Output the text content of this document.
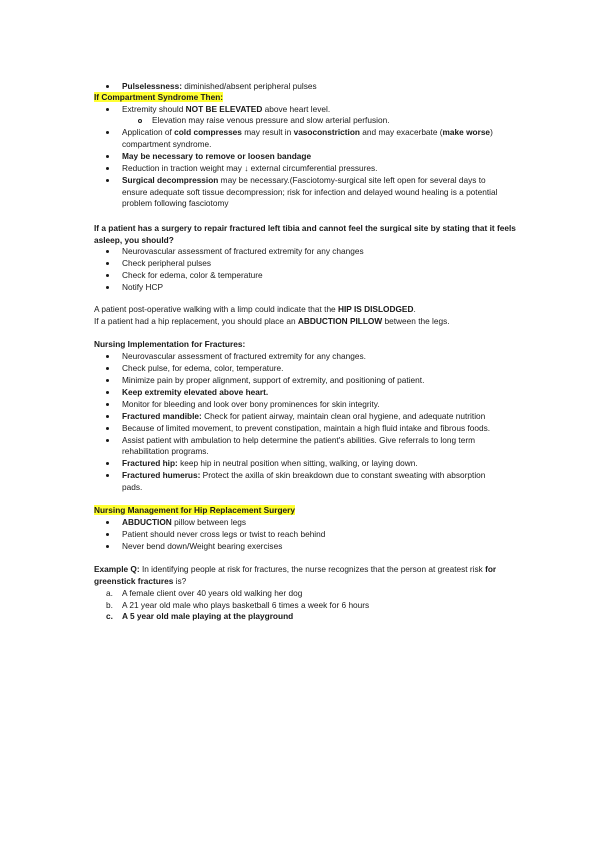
Pulselessness: diminished/absent peripheral pulses
If Compartment Syndrome Then:
Extremity should NOT BE ELEVATED above heart level.
Elevation may raise venous pressure and slow arterial perfusion.
Application of cold compresses may result in vasoconstriction and may exacerbate (make worse)
compartment syndrome.
May be necessary to remove or loosen bandage
Reduction in traction weight may ↓ external circumferential pressures.
Surgical decompression may be necessary.(Fasciotomy-surgical site left open for several days to
ensure adequate soft tissue decompression; risk for infection and delayed wound healing is a potential
problem following fasciotomy
If a patient has a surgery to repair fractured left tibia and cannot feel the surgical site by stating that it feels
asleep, you should?
Neurovascular assessment of fractured extremity for any changes
Check peripheral pulses
Check for edema, color & temperature
Notify HCP
A patient post-operative walking with a limp could indicate that the HIP IS DISLODGED.
If a patient had a hip replacement, you should place an ABDUCTION PILLOW between the legs.
Nursing Implementation for Fractures:
Neurovascular assessment of fractured extremity for any changes.
Check pulse, for edema, color, temperature.
Minimize pain by proper alignment, support of extremity, and positioning of patient.
Keep extremity elevated above heart.
Monitor for bleeding and look over bony prominences for skin integrity.
Fractured mandible: Check for patient airway, maintain clean oral hygiene, and adequate nutrition
Because of limited movement, to prevent constipation, maintain a high fluid intake and fibrous foods.
Assist patient with ambulation to help determine the patient's abilities. Give referrals to long term
rehabilitation programs.
Fractured hip: keep hip in neutral position when sitting, walking, or laying down.
Fractured humerus: Protect the axilla of skin breakdown due to constant sweating with absorption
pads.
Nursing Management for Hip Replacement Surgery
ABDUCTION pillow between legs
Patient should never cross legs or twist to reach behind
Never bend down/Weight bearing exercises
Example Q: In identifying people at risk for fractures, the nurse recognizes that the person at greatest risk for
greenstick fractures is?
a. A female client over 40 years old walking her dog
b. A 21 year old male who plays basketball 6 times a week for 6 hours
c. A 5 year old male playing at the playground
